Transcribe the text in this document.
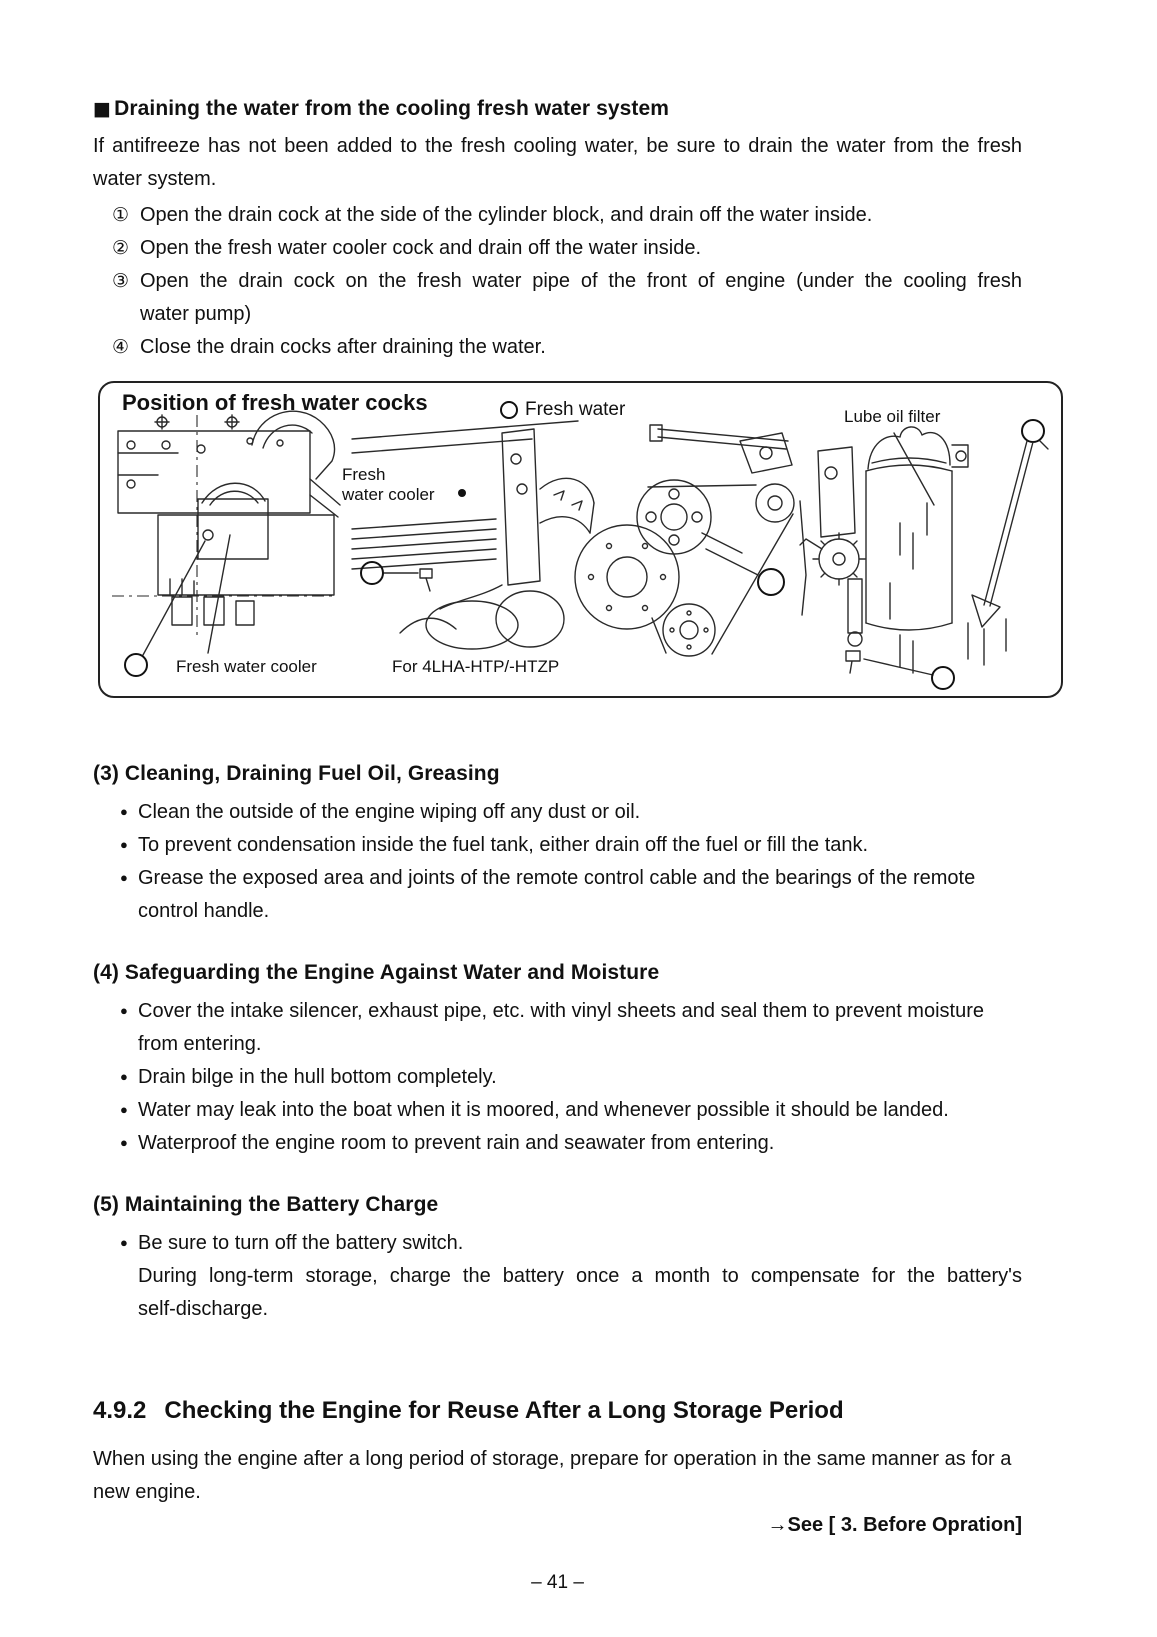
■ Draining the water from the cooling fresh water system

If antifreeze has not been added to the fresh cooling water, be sure to drain the water from the fresh water system.

① Open the drain cock at the side of the cylinder block, and drain off the water inside.
② Open the fresh water cooler cock and drain off the water inside.
③ Open the drain cock on the fresh water pipe of the front of engine (under the cooling fresh
water pump)
④ Close the drain cocks after draining the water.
Position of fresh water cocks	Fresh water	Lube oil filter
Fresh
water cooler
Fresh water cooler	For 4LHA-HTP/-HTZP
(3) Cleaning, Draining Fuel Oil, Greasing
● Clean the outside of the engine wiping off any dust or oil.
● To prevent condensation inside the fuel tank, either drain off the fuel or fill the tank.
● Grease the exposed area and joints of the remote control cable and the bearings of the remote control handle.
(4) Safeguarding the Engine Against Water and Moisture
● Cover the intake silencer, exhaust pipe, etc. with vinyl sheets and seal them to prevent moisture from entering.
● Drain bilge in the hull bottom completely.
● Water may leak into the boat when it is moored, and whenever possible it should be landed.
● Waterproof the engine room to prevent rain and seawater from entering.
(5) Maintaining the Battery Charge
● Be sure to turn off the battery switch.

During long-term storage, charge the battery once a month to compensate for the battery's
self-discharge.

4.9.2 Checking the Engine for Reuse After a Long Storage Period

When using the engine after a long period of storage, prepare for operation in the same manner as for a new engine.

→See [ 3. Before Opration]

– 41 –
